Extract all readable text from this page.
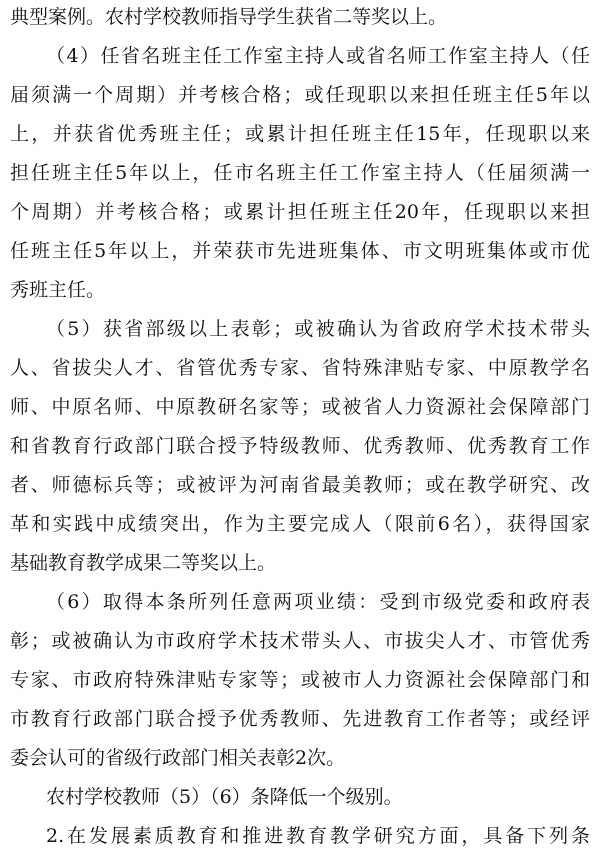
典型案例。农村学校教师指导学生获省二等奖以上。
（4）任省名班主任工作室主持人或省名师工作室主持人（任
届须满一个周期）并考核合格；或任现职以来担任班主任5年以
上，并获省优秀班主任；或累计担任班主任15年，任现职以来
担任班主任5年以上，任市名班主任工作室主持人（任届须满一
个周期）并考核合格；或累计担任班主任20年，任现职以来担
任班主任5年以上，并荣获市先进班集体、市文明班集体或市优
秀班主任。
（5）获省部级以上表彰；或被确认为省政府学术技术带头
人、省拔尖人才、省管优秀专家、省特殊津贴专家、中原教学名
师、中原名师、中原教研名家等；或被省人力资源社会保障部门
和省教育行政部门联合授予特级教师、优秀教师、优秀教育工作
者、师德标兵等；或被评为河南省最美教师；或在教学研究、改
革和实践中成绩突出，作为主要完成人（限前6名），获得国家
基础教育教学成果二等奖以上。
（6）取得本条所列任意两项业绩：受到市级党委和政府表
彰；或被确认为市政府学术技术带头人、市拔尖人才、市管优秀
专家、市政府特殊津贴专家等；或被市人力资源社会保障部门和
市教育行政部门联合授予优秀教师、先进教育工作者等；或经评
委会认可的省级行政部门相关表彰2次。
农村学校教师（5）（6）条降低一个级别。
2.在发展素质教育和推进教育教学研究方面，具备下列条
